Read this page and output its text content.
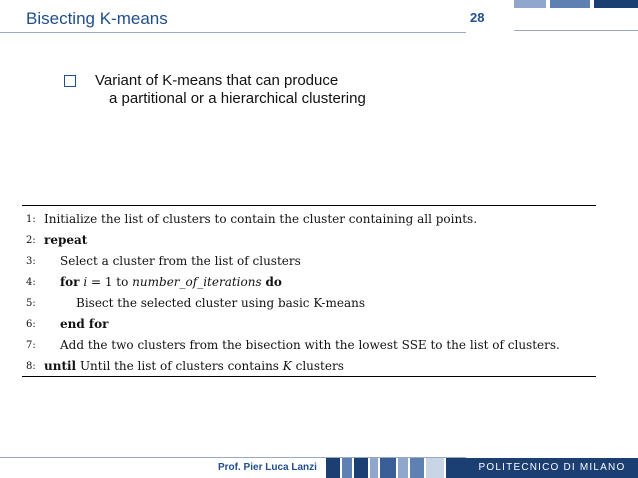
Bisecting K-means	28
Variant of K-means that can produce
a partitional or a hierarchical clustering
1: Initialize the list of clusters to contain the cluster containing all points.
2: repeat
3:	Select a cluster from the list of clusters
4:	for i = 1 to number_of_iterations do
5:	Bisect the selected cluster using basic K-means
6:	end for
7:	Add the two clusters from the bisection with the lowest SSE to the list of clusters.
8: until Until the list of clusters contains K clusters
Prof. Pier Luca Lanzi	POLITECNICO DI MILANO
